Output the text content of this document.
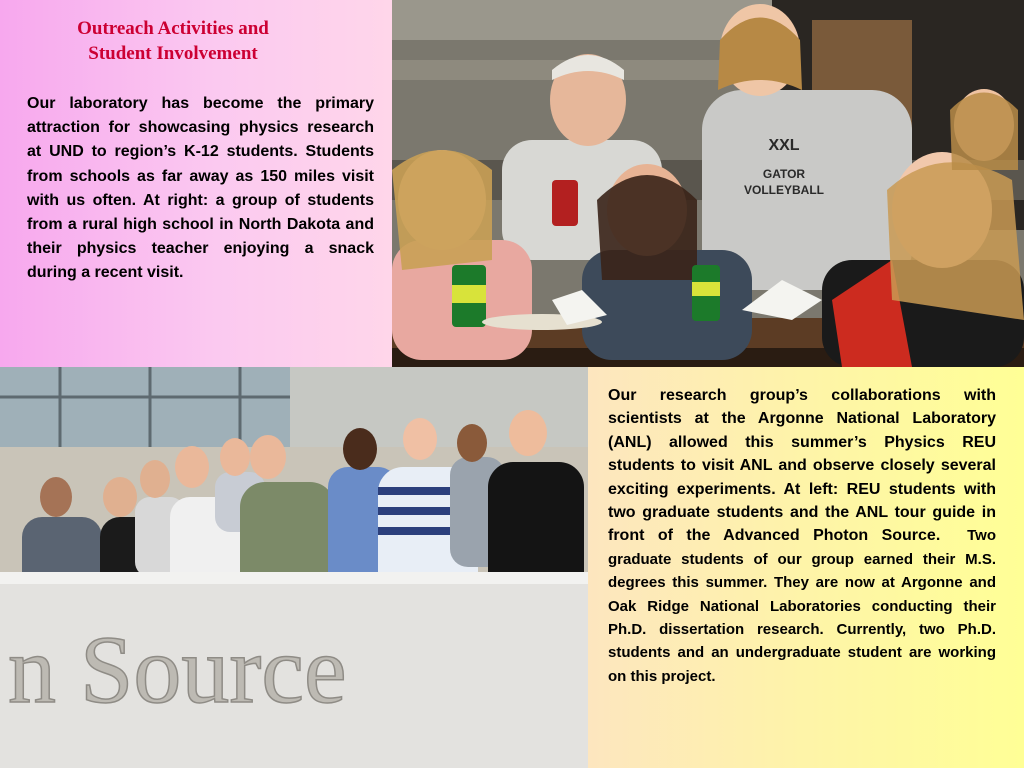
Outreach Activities and
Student Involvement
Our laboratory has become the primary attraction for showcasing physics research at UND to region’s K-12 students. Students from schools as far away as 150 miles visit with us often. At right: a group of students from a rural high school in North Dakota and their physics teacher enjoying a snack during a recent visit.
XXL
GATOR
VOLLEYBALL
n Source
Our research group’s collaborations with scientists at the Argonne National Laboratory (ANL) allowed this summer’s Physics REU students to visit ANL and observe closely several exciting experiments. At left: REU students with two graduate students and the ANL tour guide in front of the Advanced Photon Source. Two graduate students of our group earned their M.S. degrees this summer. They are now at Argonne and Oak Ridge National Laboratories conducting their Ph.D. dissertation research. Currently, two Ph.D. students and an undergraduate student are working on this project.
